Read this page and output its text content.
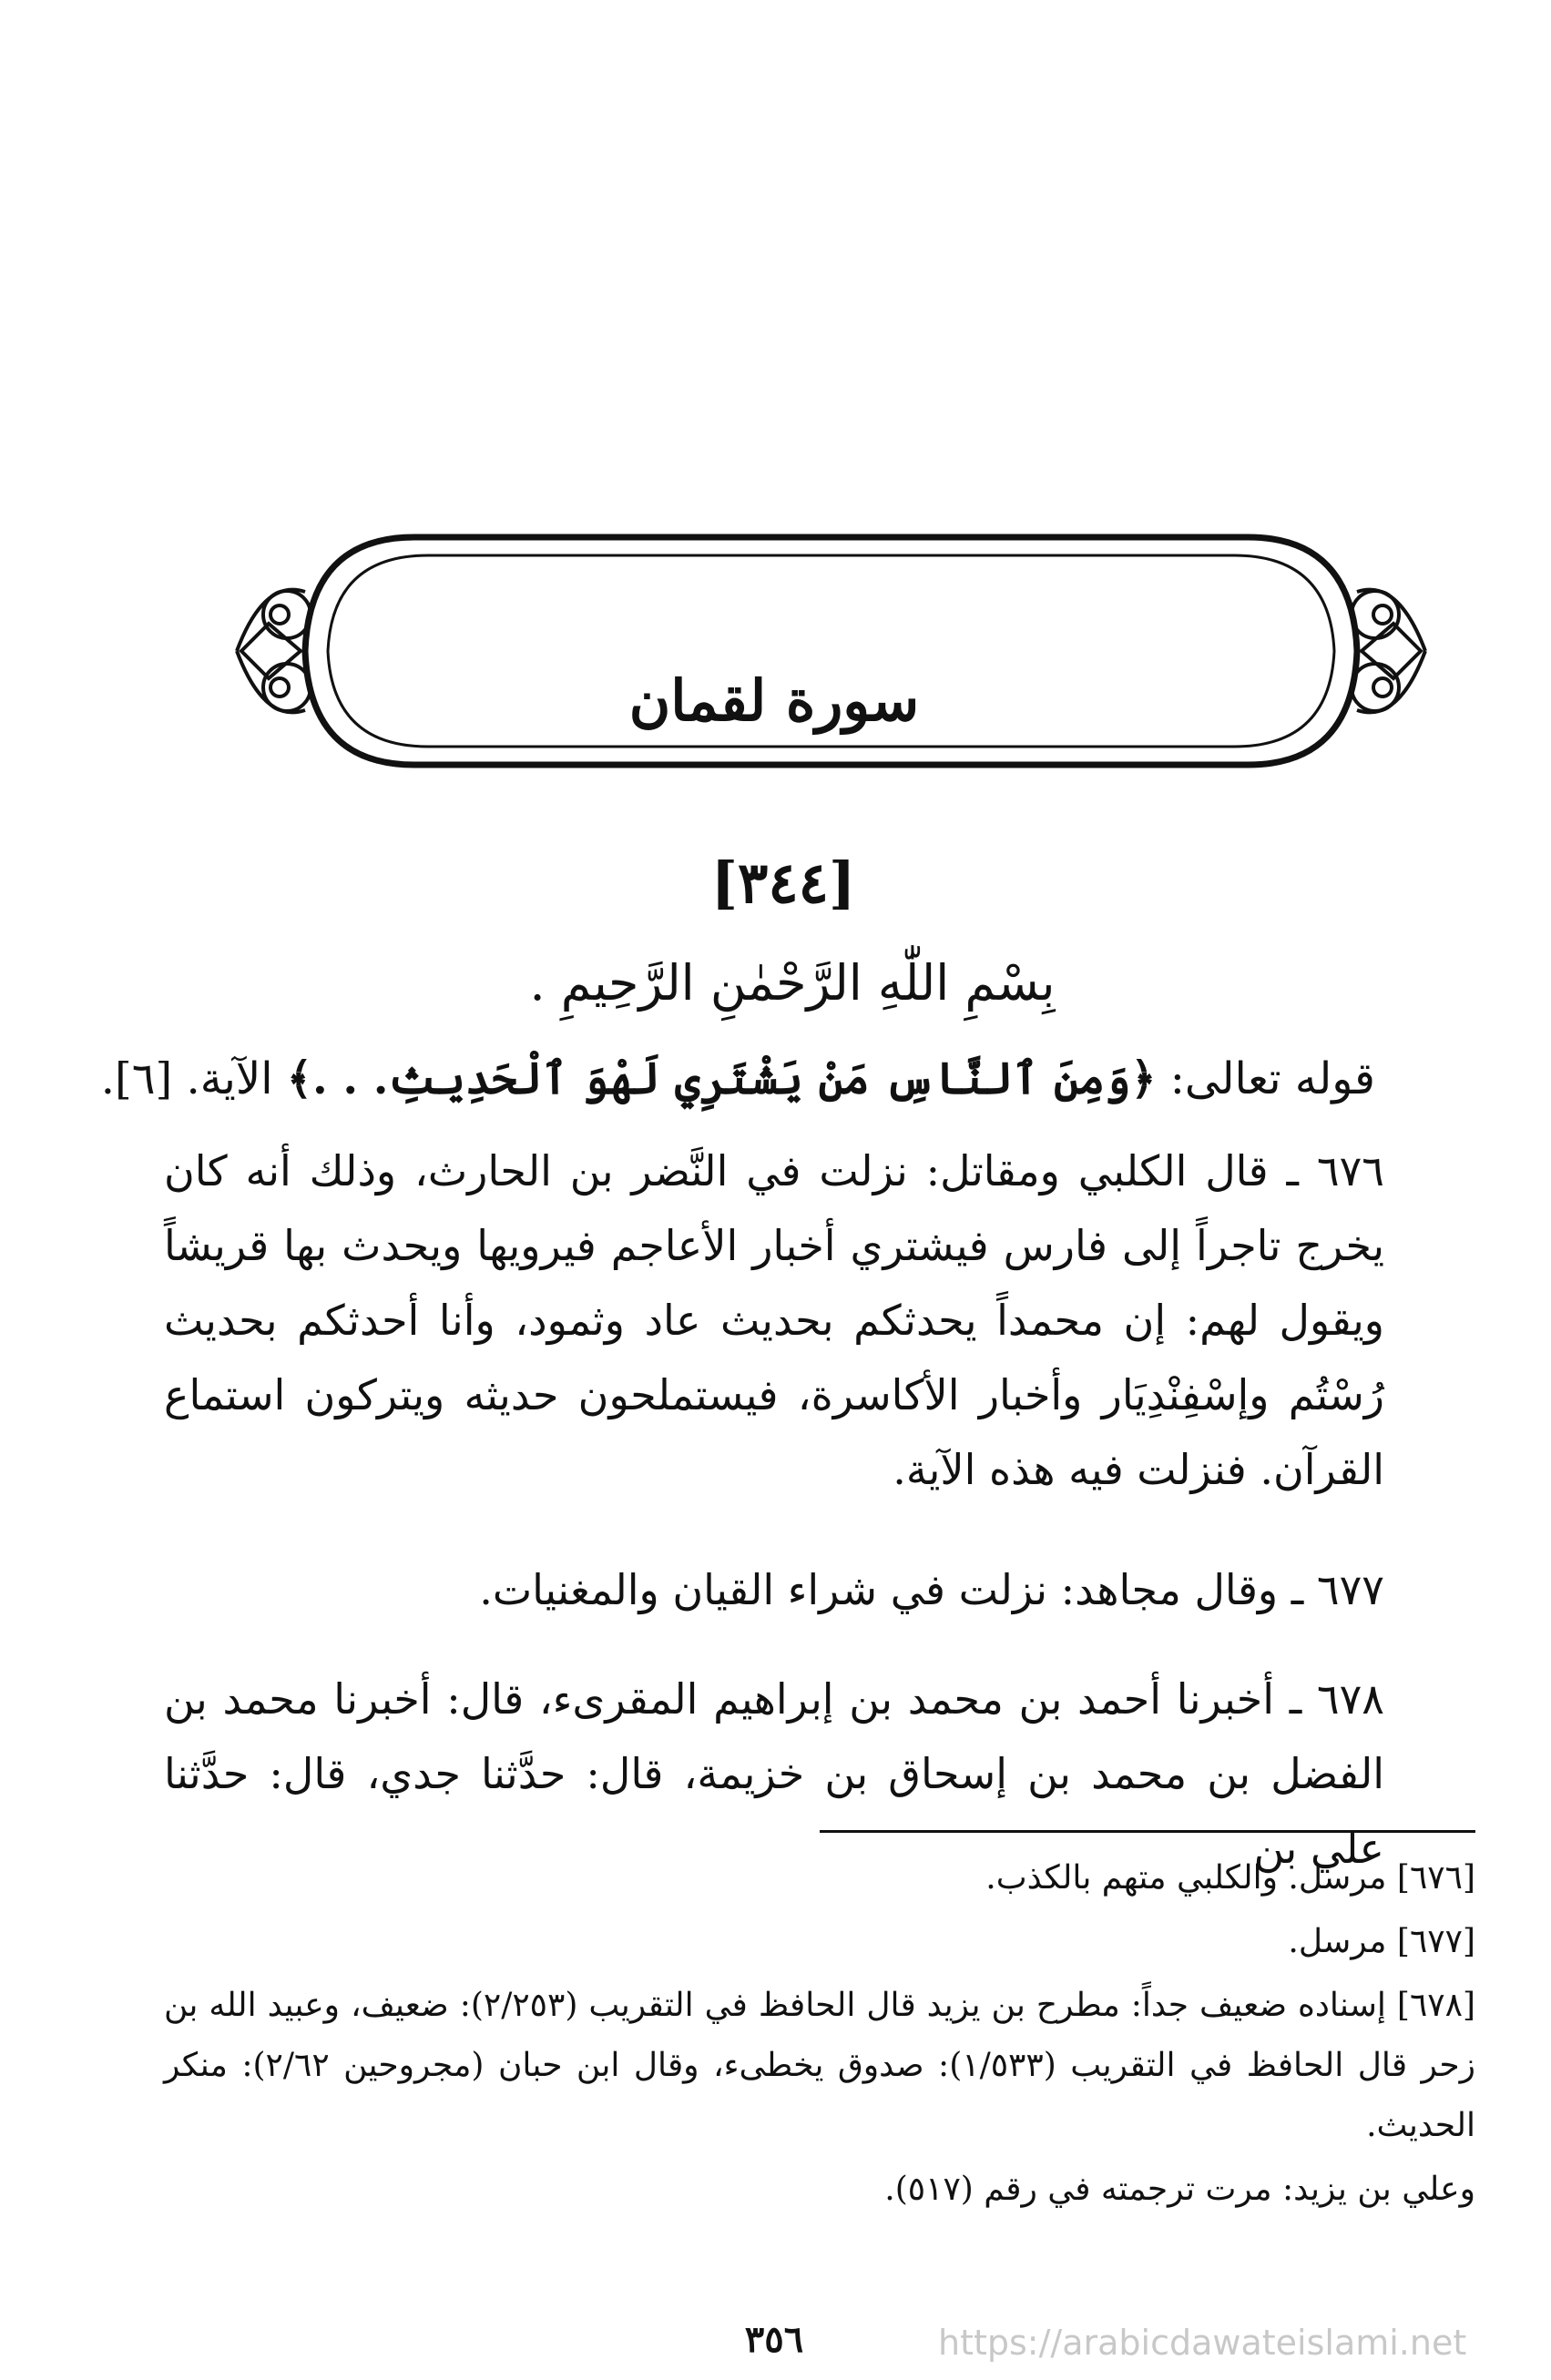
سورة لقمان
[٣٤٤]
بِسْمِ اللّٰهِ الرَّحْمٰنِ الرَّحِيمِ .
قوله تعالى: ﴿وَمِنَ ٱلنَّاسِ مَنْ يَشْتَرِي لَهْوَ ٱلْحَدِيثِ. . .﴾ الآية. [٦].
٦٧٦ ـ قال الكلبي ومقاتل: نزلت في النَّضر بن الحارث، وذلك أنه كان يخرج تاجراً إلى فارس فيشتري أخبار الأعاجم فيرويها ويحدث بها قريشاً ويقول لهم: إن محمداً يحدثكم بحديث عاد وثمود، وأنا أحدثكم بحديث رُسْتُم وإسْفِنْدِيَار وأخبار الأكاسرة، فيستملحون حديثه ويتركون استماع القرآن. فنزلت فيه هذه الآية.
٦٧٧ ـ وقال مجاهد: نزلت في شراء القيان والمغنيات.
٦٧٨ ـ أخبرنا أحمد بن محمد بن إبراهيم المقرىء، قال: أخبرنا محمد بن الفضل بن محمد بن إسحاق بن خزيمة، قال: حدَّثنا جدي، قال: حدَّثنا علي بن
[٦٧٦] مرسل. والكلبي متهم بالكذب.
[٦٧٧] مرسل.
[٦٧٨] إسناده ضعيف جداً: مطرح بن يزيد قال الحافظ في التقريب (٢/٢٥٣): ضعيف، وعبيد الله بن زحر قال الحافظ في التقريب (١/٥٣٣): صدوق يخطىء، وقال ابن حبان (مجروحين ٢/٦٢): منكر الحديث.
وعلي بن يزيد: مرت ترجمته في رقم (٥١٧).
٣٥٦	https://arabicdawateislami.net
